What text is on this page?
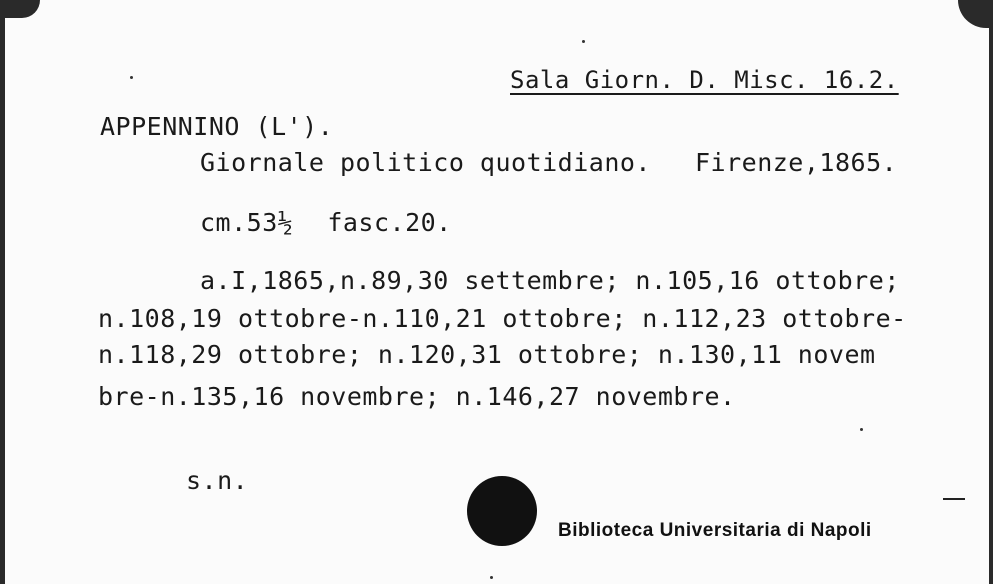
Sala Giorn. D. Misc. 16.2.
APPENNINO (L').
Giornale politico quotidiano. Firenze,1865.
cm.53½ fasc.20.
a.I,1865,n.89,30 settembre; n.105,16 ottobre;
n.108,19 ottobre-n.110,21 ottobre; n.112,23 ottobre-
n.118,29 ottobre; n.120,31 ottobre; n.130,11 novem
bre-n.135,16 novembre; n.146,27 novembre.
s.n.
Biblioteca Universitaria di Napoli
